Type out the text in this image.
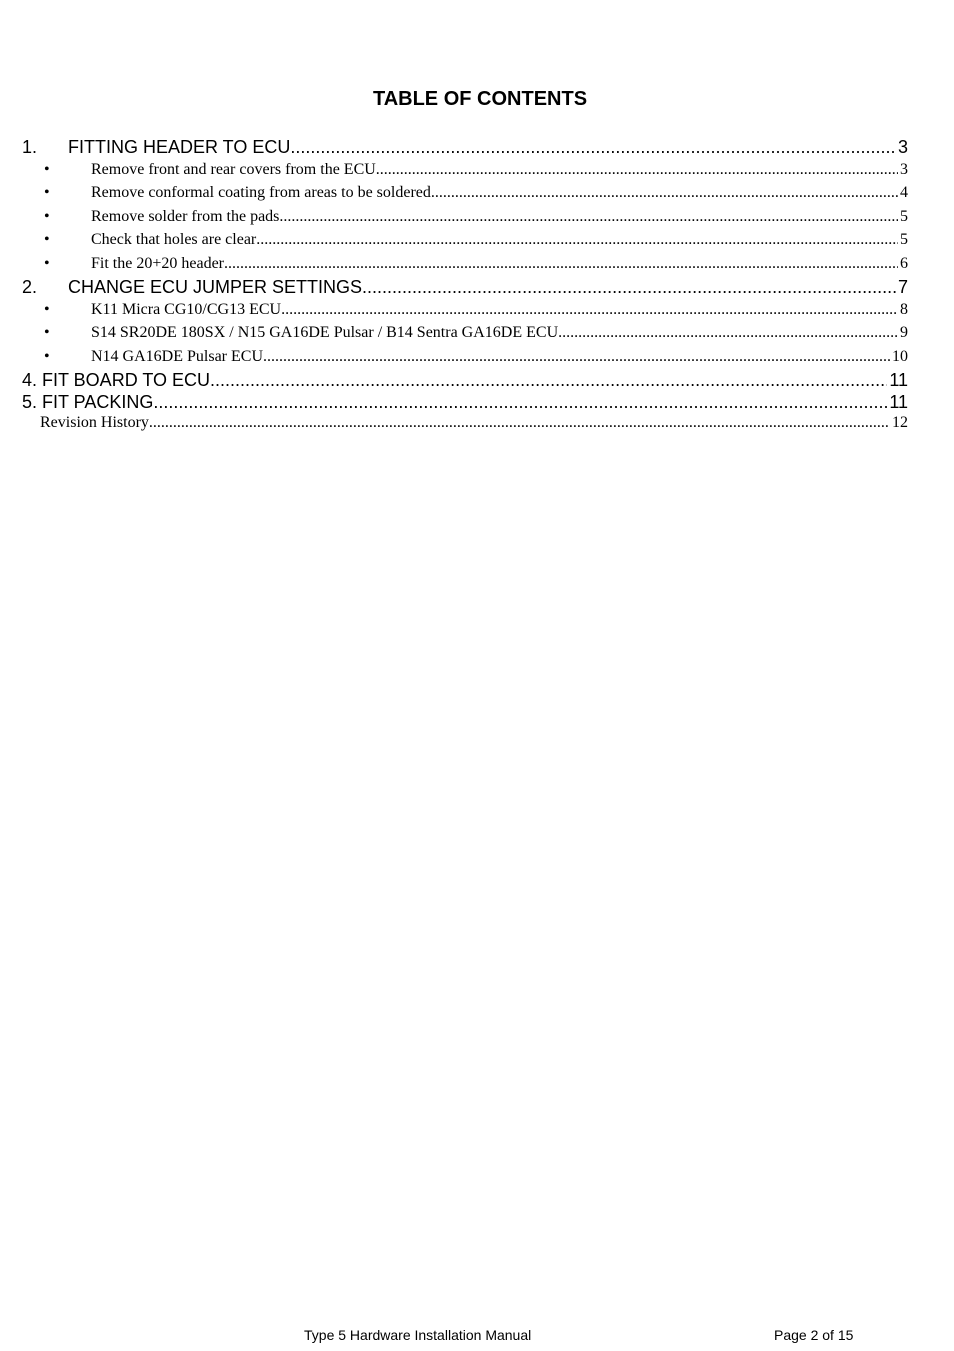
TABLE OF CONTENTS
1.	FITTING HEADER TO ECU .....	3
•	Remove front and rear covers from the ECU .....	3
•	Remove conformal coating from areas to be soldered .....	4
•	Remove solder from the pads .....	5
•	Check that holes are clear .....	5
•	Fit the 20+20 header .....	6
2.	CHANGE ECU JUMPER SETTINGS .....	7
•	K11 Micra CG10/CG13 ECU .....	8
•	S14 SR20DE 180SX / N15 GA16DE Pulsar / B14 Sentra GA16DE ECU .....	9
•	N14 GA16DE Pulsar ECU .....	10
4. FIT BOARD TO ECU .....	11
5. FIT PACKING .....	11
Revision History .....	12
Type 5 Hardware Installation Manual	Page 2 of 15
